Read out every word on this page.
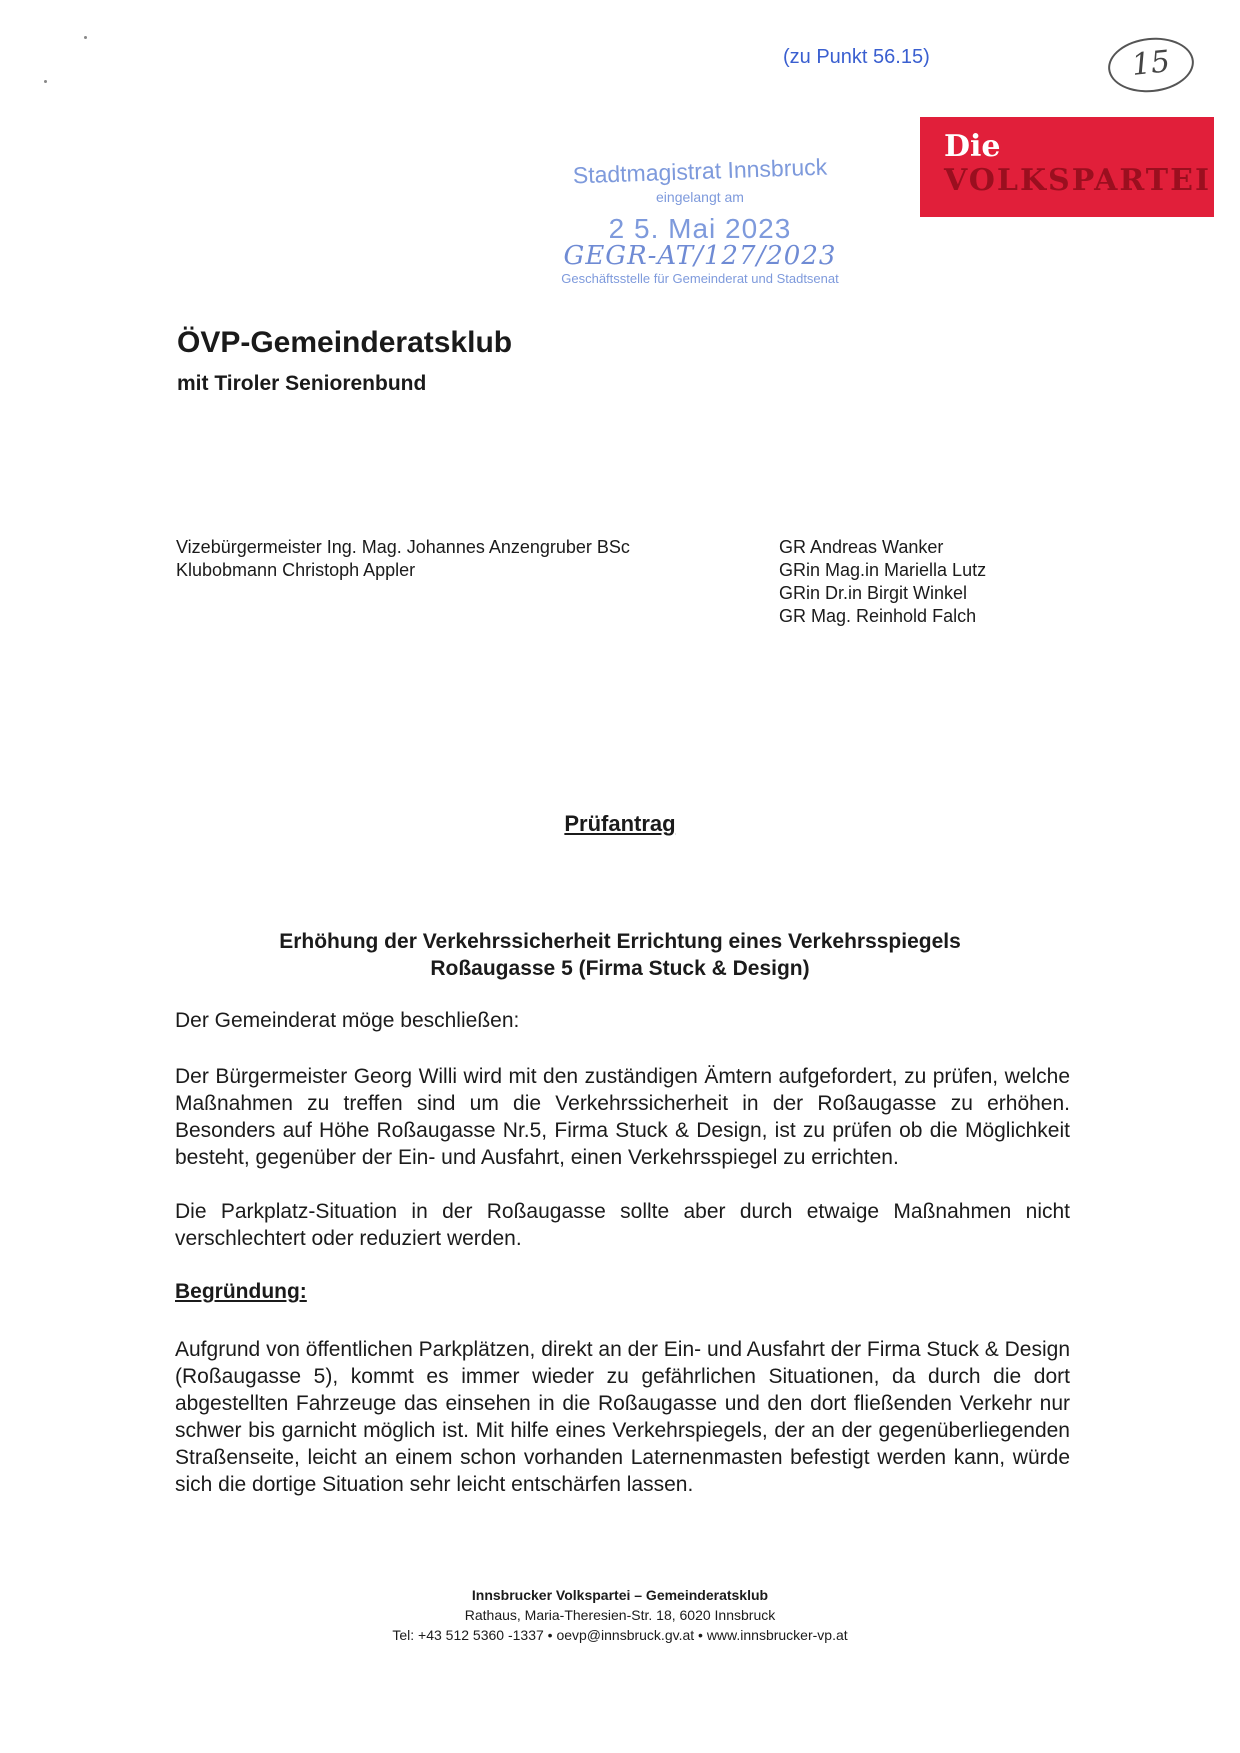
(zu Punkt 56.15)	15
Die
VOLKSPARTEI
Stadtmagistrat Innsbruck
eingelangt am
2 5. Mai 2023
GEGR-AT/127/2023
Geschäftsstelle für Gemeinderat und Stadtsenat
ÖVP-Gemeinderatsklub
mit Tiroler Seniorenbund
Vizebürgermeister Ing. Mag. Johannes Anzengruber BSc
Klubobmann Christoph Appler
GR Andreas Wanker
GRin Mag.in Mariella Lutz
GRin Dr.in Birgit Winkel
GR Mag. Reinhold Falch
Prüfantrag
Erhöhung der Verkehrssicherheit Errichtung eines Verkehrsspiegels
Roßaugasse 5 (Firma Stuck & Design)
Der Gemeinderat möge beschließen:

Der Bürgermeister Georg Willi wird mit den zuständigen Ämtern aufgefordert, zu prüfen, welche Maßnahmen zu treffen sind um die Verkehrssicherheit in der Roßaugasse zu erhöhen. Besonders auf Höhe Roßaugasse Nr.5, Firma Stuck & Design, ist zu prüfen ob die Möglichkeit besteht, gegenüber der Ein- und Ausfahrt, einen Verkehrsspiegel zu errichten.

Die Parkplatz-Situation in der Roßaugasse sollte aber durch etwaige Maßnahmen nicht verschlechtert oder reduziert werden.

Begründung:

Aufgrund von öffentlichen Parkplätzen, direkt an der Ein- und Ausfahrt der Firma Stuck & Design (Roßaugasse 5), kommt es immer wieder zu gefährlichen Situationen, da durch die dort abgestellten Fahrzeuge das einsehen in die Roßaugasse und den dort fließenden Verkehr nur schwer bis garnicht möglich ist. Mit hilfe eines Verkehrspiegels, der an der gegenüberliegenden Straßenseite, leicht an einem schon vorhanden Laternenmasten befestigt werden kann, würde sich die dortige Situation sehr leicht entschärfen lassen.

Innsbrucker Volkspartei – Gemeinderatsklub
Rathaus, Maria-Theresien-Str. 18, 6020 Innsbruck
Tel: +43 512 5360 -1337 • oevp@innsbruck.gv.at • www.innsbrucker-vp.at
